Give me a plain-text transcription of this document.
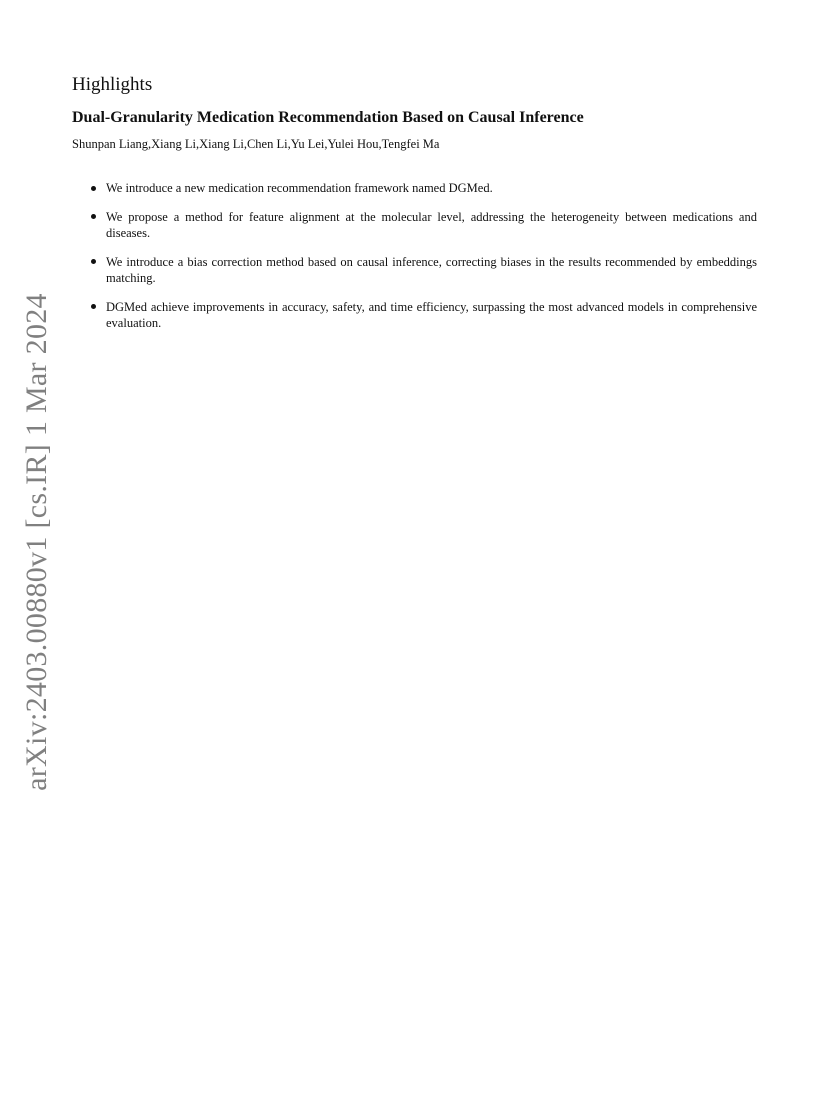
Highlights
Dual-Granularity Medication Recommendation Based on Causal Inference

Shunpan Liang,Xiang Li,Xiang Li,Chen Li,Yu Lei,Yulei Hou,Tengfei Ma

We introduce a new medication recommendation framework named DGMed.
We propose a method for feature alignment at the molecular level, addressing the heterogeneity between medications and diseases.
We introduce a bias correction method based on causal inference, correcting biases in the results recommended by embeddings matching.
DGMed achieve improvements in accuracy, safety, and time efficiency, surpassing the most advanced models in comprehensive evaluation.
arXiv:2403.00880v1 [cs.IR] 1 Mar 2024
